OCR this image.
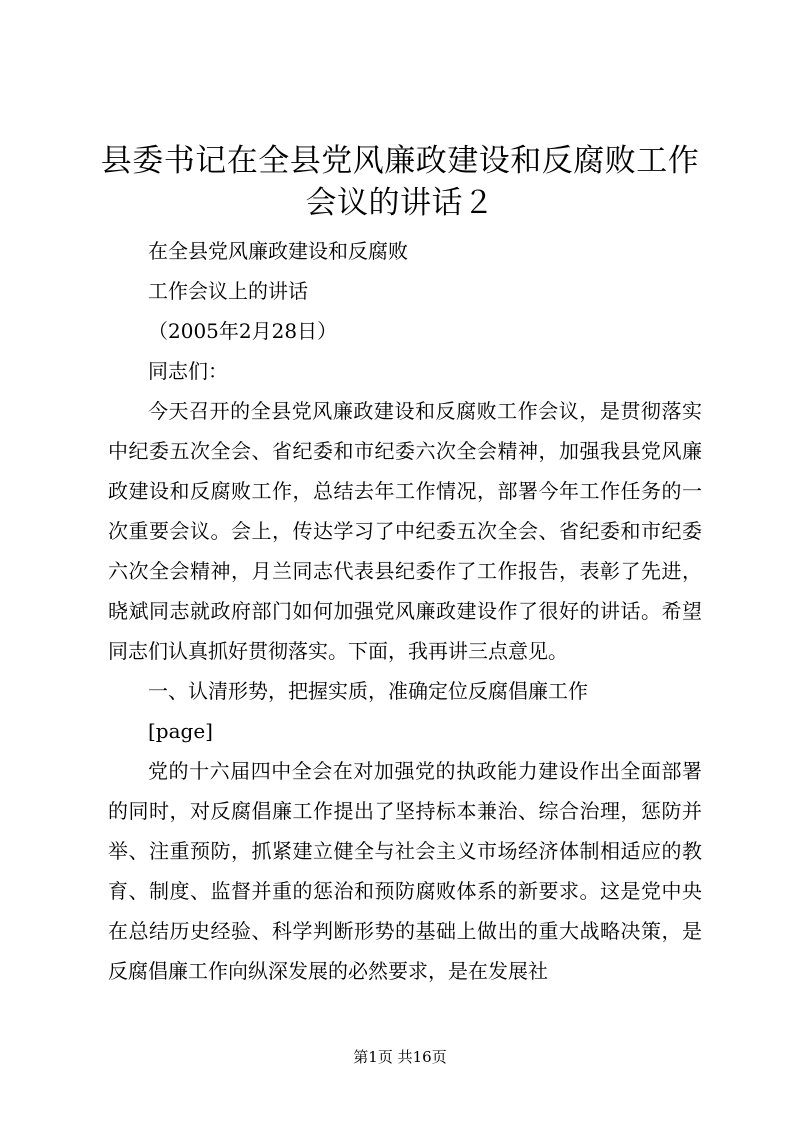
县委书记在全县党风廉政建设和反腐败工作会议的讲话２

在全县党风廉政建设和反腐败

工作会议上的讲话

（2005年2月28日）

同志们：

今天召开的全县党风廉政建设和反腐败工作会议，是贯彻落实中纪委五次全会、省纪委和市纪委六次全会精神，加强我县党风廉政建设和反腐败工作，总结去年工作情况，部署今年工作任务的一次重要会议。会上，传达学习了中纪委五次全会、省纪委和市纪委六次全会精神，月兰同志代表县纪委作了工作报告，表彰了先进，晓斌同志就政府部门如何加强党风廉政建设作了很好的讲话。希望同志们认真抓好贯彻落实。下面，我再讲三点意见。

一、认清形势，把握实质，准确定位反腐倡廉工作

[page]

党的十六届四中全会在对加强党的执政能力建设作出全面部署的同时，对反腐倡廉工作提出了坚持标本兼治、综合治理，惩防并举、注重预防，抓紧建立健全与社会主义市场经济体制相适应的教育、制度、监督并重的惩治和预防腐败体系的新要求。这是党中央在总结历史经验、科学判断形势的基础上做出的重大战略决策，是反腐倡廉工作向纵深发展的必然要求，是在发展社

第1页 共16页
